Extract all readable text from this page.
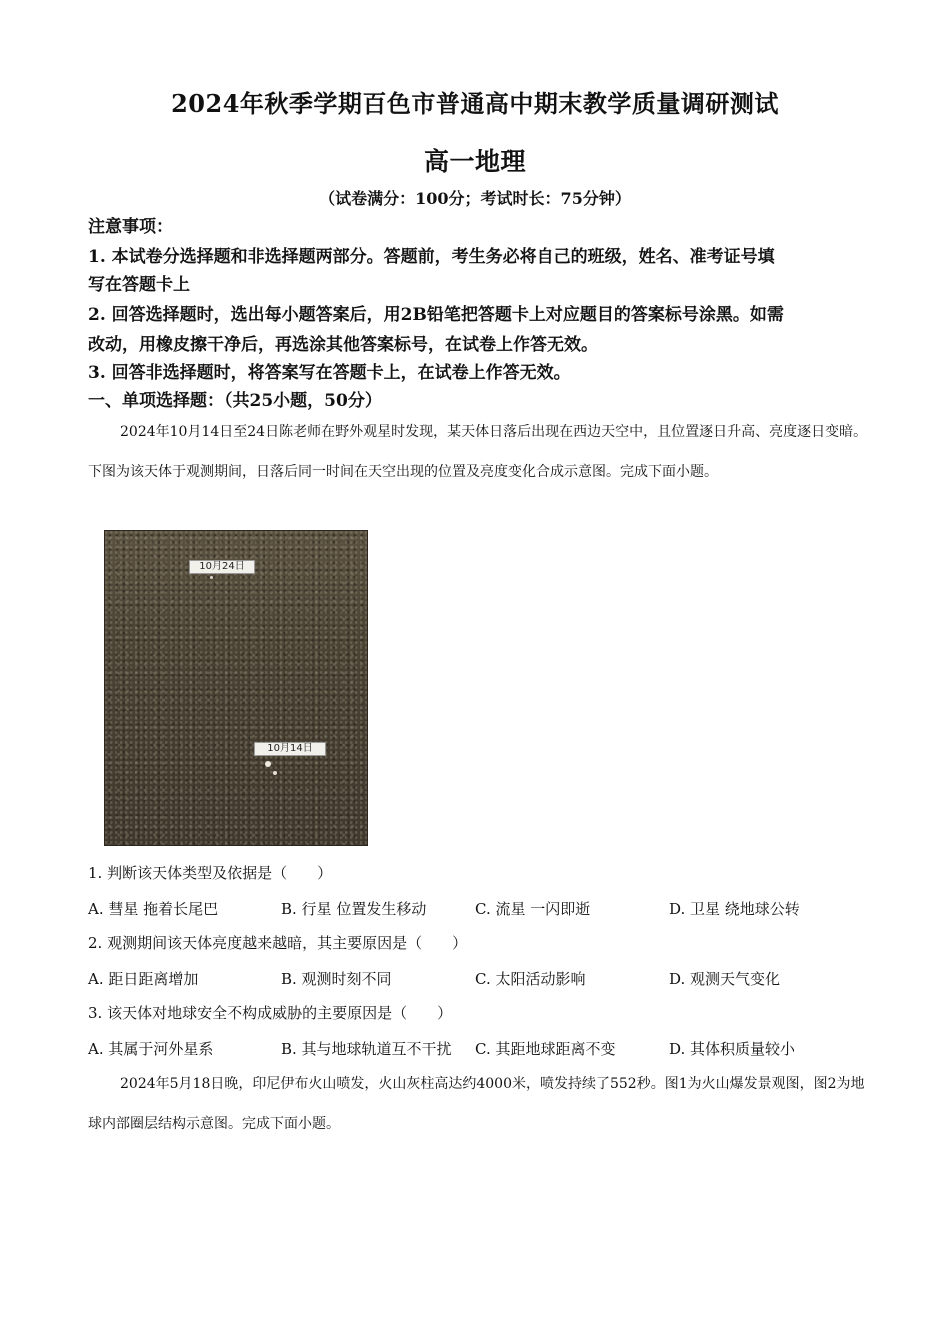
2024年秋季学期百色市普通高中期末教学质量调研测试
高一地理
（试卷满分：100分；考试时长：75分钟）
注意事项：
1. 本试卷分选择题和非选择题两部分。答题前，考生务必将自己的班级，姓名、准考证号填
写在答题卡上
2. 回答选择题时，选出每小题答案后，用2B铅笔把答题卡上对应题目的答案标号涂黑。如需
改动，用橡皮擦干净后，再选涂其他答案标号，在试卷上作答无效。
3. 回答非选择题时，将答案写在答题卡上，在试卷上作答无效。
一、单项选择题：（共25小题，50分）
2024年10月14日至24日陈老师在野外观星时发现，某天体日落后出现在西边天空中，且位置逐日升高、亮度逐日变暗。下图为该天体于观测期间，日落后同一时间在天空出现的位置及亮度变化合成示意图。完成下面小题。
10月24日
10月14日
1. 判断该天体类型及依据是（　　）
A. 彗星 拖着长尾巴	B. 行星 位置发生移动	C. 流星 一闪即逝	D. 卫星 绕地球公转
2. 观测期间该天体亮度越来越暗，其主要原因是（　　）
A. 距日距离增加	B. 观测时刻不同	C. 太阳活动影响	D. 观测天气变化
3. 该天体对地球安全不构成威胁的主要原因是（　　）
A. 其属于河外星系	B. 其与地球轨道互不干扰 C. 其距地球距离不变	D. 其体积质量较小
2024年5月18日晚，印尼伊布火山喷发，火山灰柱高达约4000米，喷发持续了552秒。图1为火山爆发景观图，图2为地球内部圈层结构示意图。完成下面小题。
